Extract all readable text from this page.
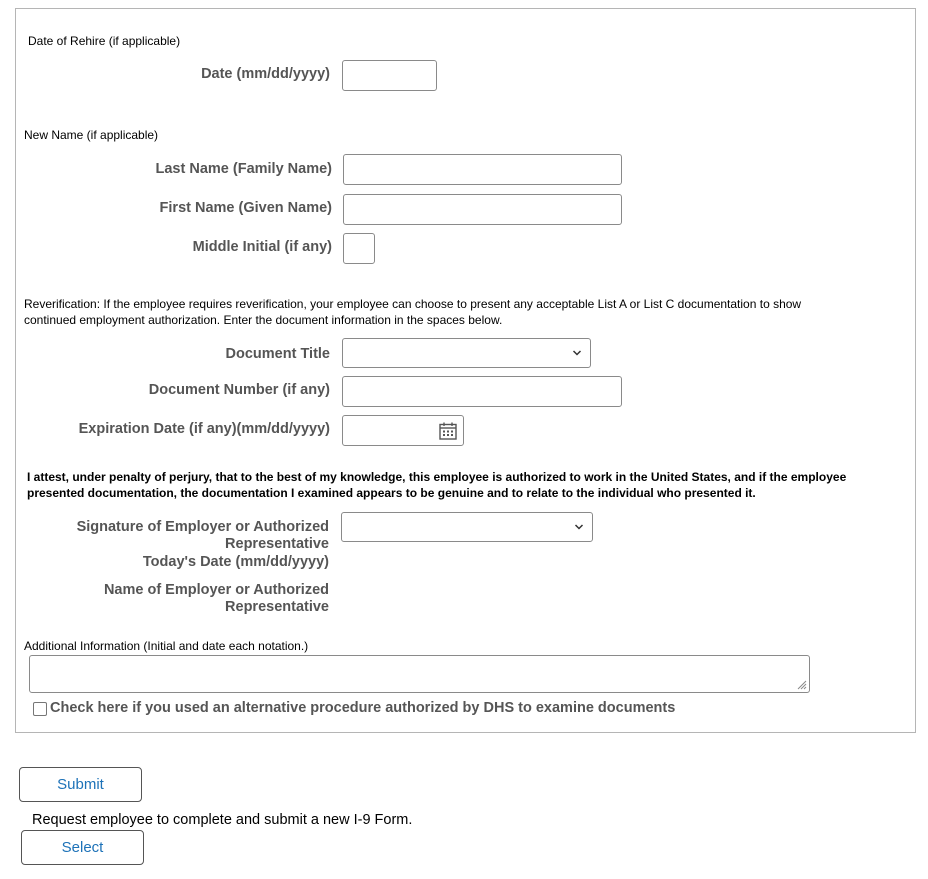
Date of Rehire (if applicable)
Date (mm/dd/yyyy)
New Name (if applicable)
Last Name (Family Name)
First Name (Given Name)
Middle Initial (if any)
Reverification: If the employee requires reverification, your employee can choose to present any acceptable List A or List C documentation to show continued employment authorization. Enter the document information in the spaces below.
Document Title
Document Number (if any)
Expiration Date (if any)(mm/dd/yyyy)
I attest, under penalty of perjury, that to the best of my knowledge, this employee is authorized to work in the United States, and if the employee presented documentation, the documentation I examined appears to be genuine and to relate to the individual who presented it.
Signature of Employer or Authorized Representative
Today's Date (mm/dd/yyyy)
Name of Employer or Authorized Representative
Additional Information (Initial and date each notation.)
Check here if you used an alternative procedure authorized by DHS to examine documents
Submit
Request employee to complete and submit a new I-9 Form.
Select
